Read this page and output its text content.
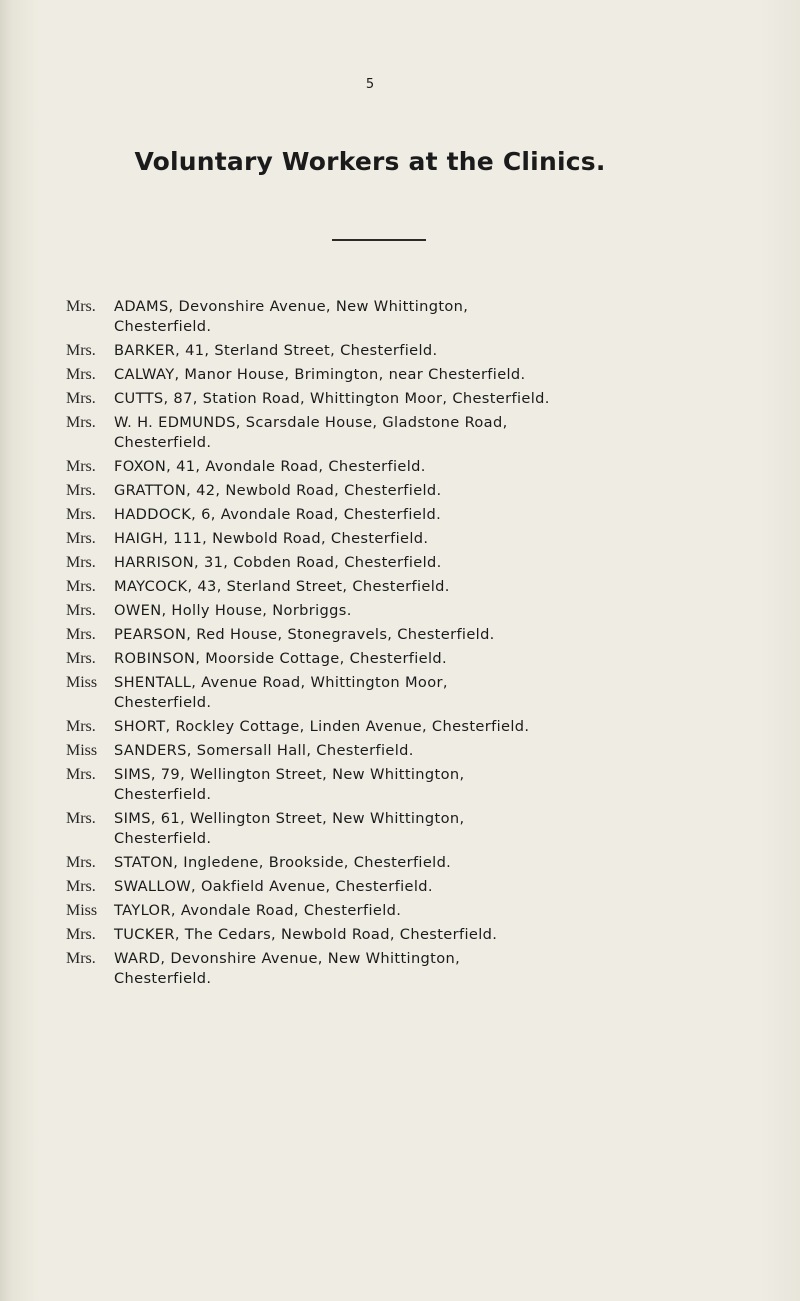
5
Voluntary Workers at the Clinics.
Mrs.	ADAMS, Devonshire Avenue, New Whittington,
Chesterfield.
Mrs.	BARKER, 41, Sterland Street, Chesterfield.
Mrs.	CALWAY, Manor House, Brimington, near Chesterfield.
Mrs.	CUTTS, 87, Station Road, Whittington Moor, Chesterfield.
Mrs.	W. H. EDMUNDS, Scarsdale House, Gladstone Road,
Chesterfield.
Mrs.	FOXON, 41, Avondale Road, Chesterfield.
Mrs.	GRATTON, 42, Newbold Road, Chesterfield.
Mrs.	HADDOCK, 6, Avondale Road, Chesterfield.
Mrs.	HAIGH, 111, Newbold Road, Chesterfield.
Mrs.	HARRISON, 31, Cobden Road, Chesterfield.
Mrs.	MAYCOCK, 43, Sterland Street, Chesterfield.
Mrs.	OWEN, Holly House, Norbriggs.
Mrs.	PEARSON, Red House, Stonegravels, Chesterfield.
Mrs.	ROBINSON, Moorside Cottage, Chesterfield.
Miss	SHENTALL, Avenue Road, Whittington Moor,
Chesterfield.
Mrs.	SHORT, Rockley Cottage, Linden Avenue, Chesterfield.
Miss	SANDERS, Somersall Hall, Chesterfield.
Mrs.	SIMS, 79, Wellington Street, New Whittington,
Chesterfield.
Mrs.	SIMS, 61, Wellington Street, New Whittington,
Chesterfield.
Mrs.	STATON, Ingledene, Brookside, Chesterfield.
Mrs.	SWALLOW, Oakfield Avenue, Chesterfield.
Miss	TAYLOR, Avondale Road, Chesterfield.
Mrs.	TUCKER, The Cedars, Newbold Road, Chesterfield.
Mrs.	WARD, Devonshire Avenue, New Whittington,
Chesterfield.
